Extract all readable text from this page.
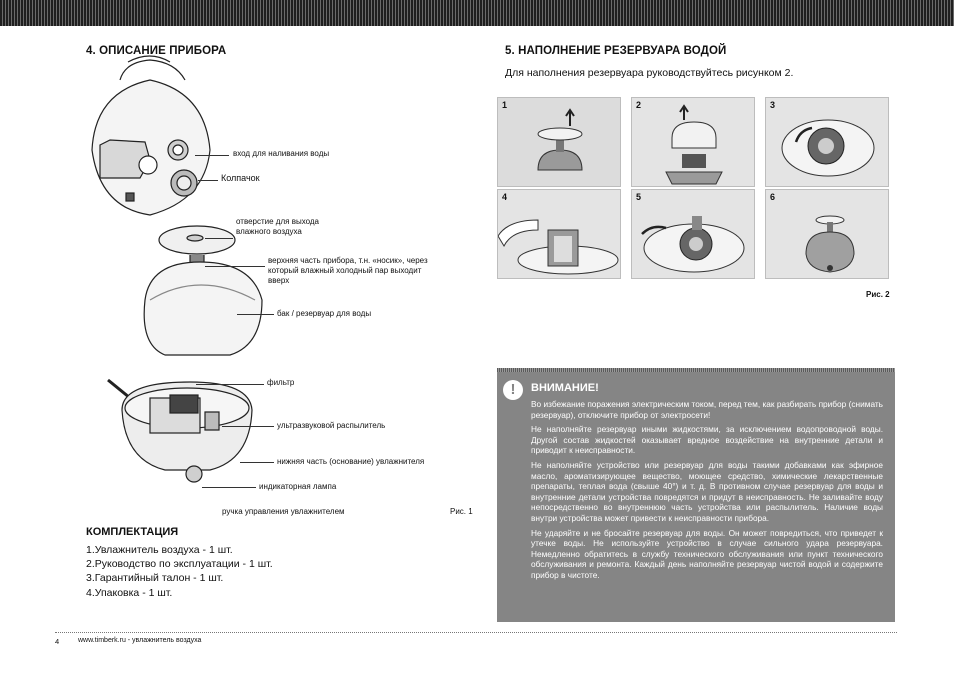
4. ОПИСАНИЕ ПРИБОРА
вход для наливания воды
Колпачок
отверстие для выхода
влажного воздуха
верхняя часть прибора, т.н. «носик», через
который влажный холодный пар выходит
вверх
бак / резервуар для воды
фильтр
ультразвуковой распылитель
нижняя часть (основание) увлажнителя
индикаторная лампа
ручка управления увлажнителем	Рис. 1
КОМПЛЕКТАЦИЯ
1.Увлажнитель воздуха - 1 шт.
2.Руководство по эксплуатации - 1 шт.
3.Гарантийный талон - 1 шт.
4.Упаковка - 1 шт.
5. НАПОЛНЕНИЕ РЕЗЕРВУАРА ВОДОЙ
Для наполнения резервуара руководствуйтесь рисунком 2.
1	2	3
4	5	6
Рис. 2
!	ВНИМАНИЕ!

Во избежание поражения электрическим током, перед тем, как разбирать прибор (снимать резервуар), отключите прибор от электросети!

Не наполняйте резервуар иными жидкостями, за исключением водопроводной воды. Другой состав жидкостей оказывает вредное воздействие на внутренние детали и приводит к неисправности.

Не наполняйте устройство или резервуар для воды такими добавками как эфирное масло, ароматизирующее вещество, моющее средство, химические лекарственные препараты, теплая вода (свыше 40°) и т. д. В противном случае резервуар для воды и внутренние детали устройства повредятся и придут в неисправность. Не заливайте воду непосредственно во внутреннюю часть устройства или распылитель. Наличие воды внутри устройства может привести к неисправности прибора.

Не ударяйте и не бросайте резервуар для воды. Он может повредиться, что приведет к утечке воды. Не используйте устройство в случае сильного удара резервуара. Немедленно обратитесь в службу технического обслуживания или пункт технического обслуживания и ремонта. Каждый день наполняйте резервуар чистой водой и содержите прибор в чистоте.

4	www.timberk.ru - увлажнитель воздуха
